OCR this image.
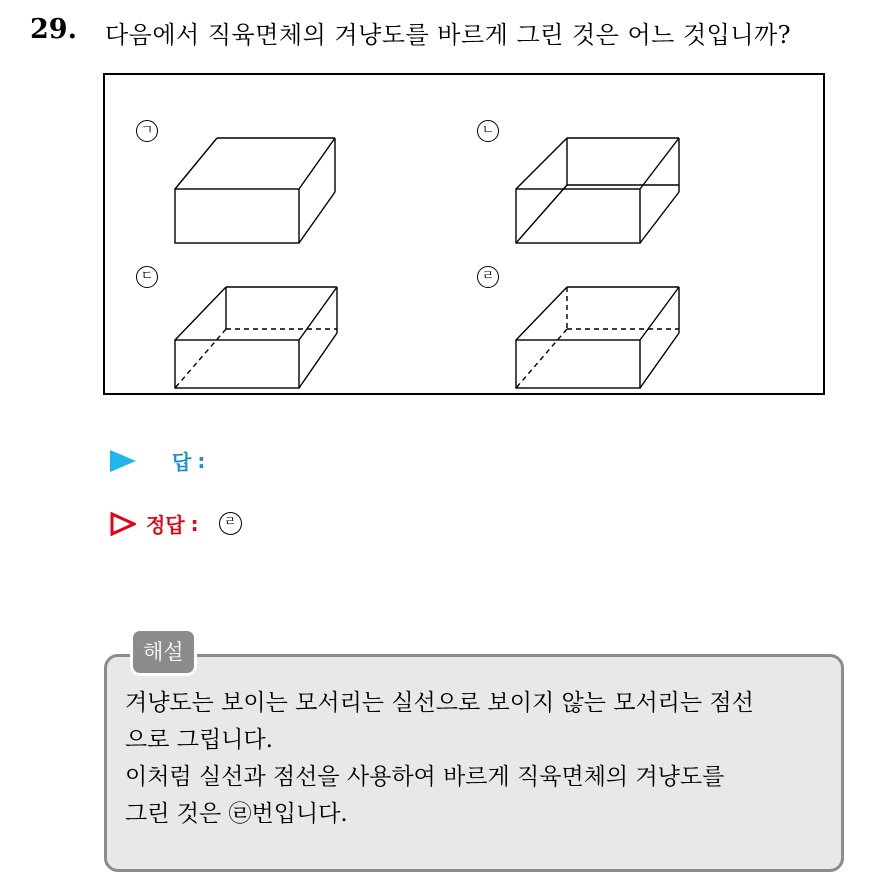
29. 다음에서 직육면체의 겨냥도를 바르게 그린 것은 어느 것입니까?
ㄱ	ㄴ
ㄷ	ㄹ
답 :
정답 :	ㄹ
해설
겨냥도는 보이는 모서리는 실선으로 보이지 않는 모서리는 점선
으로 그립니다.
이처럼 실선과 점선을 사용하여 바르게 직육면체의 겨냥도를
그린 것은 ㉣번입니다.
